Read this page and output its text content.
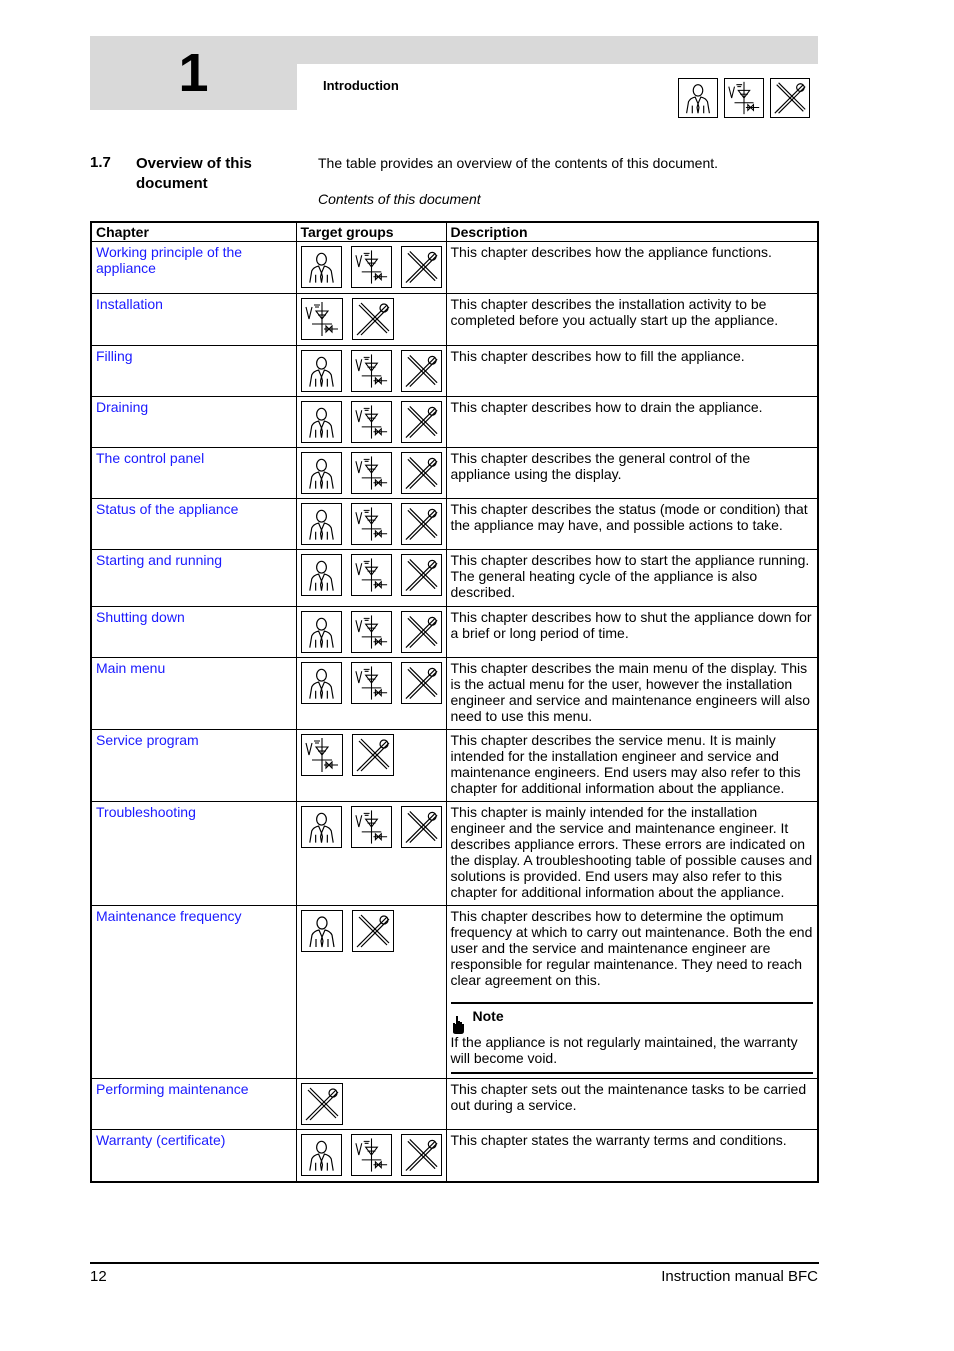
1	Introduction
1.7 Overview of this document
The table provides an overview of the contents of this document.
Contents of this document
Chapter	Target groups	Description
Working principle of the appliance		This chapter describes how the appliance functions.

Installation		This chapter describes the installation activity to be completed before you actually start up the appliance.

Filling		This chapter describes how to fill the appliance.

Draining		This chapter describes how to drain the appliance.

The control panel		This chapter describes the general control of the appliance using the display.

Status of the appliance		This chapter describes the status (mode or condition) that the appliance may have, and possible actions to take.

Starting and running		This chapter describes how to start the appliance running. The general heating cycle of the appliance is also described.

Shutting down		This chapter describes how to shut the appliance down for a brief or long period of time.

Main menu		This chapter describes the main menu of the display. This is the actual menu for the user, however the installation engineer and service and maintenance engineers will also need to use this menu.

Service program		This chapter describes the service menu. It is mainly intended for the installation engineer and service and maintenance engineers. End users may also refer to this chapter for additional information about the appliance.

Troubleshooting		This chapter is mainly intended for the installation engineer and the service and maintenance engineer. It describes appliance errors. These errors are indicated on the display. A troubleshooting table of possible causes and solutions is provided. End users may also refer to this chapter for additional information about the appliance.

Maintenance frequency		This chapter describes how to determine the optimum frequency at which to carry out maintenance. Both the end user and the service and maintenance engineer are responsible for regular maintenance. They need to reach clear agreement on this.
Note
If the appliance is not regularly maintained, the warranty will become void.

Performing maintenance		This chapter sets out the maintenance tasks to be carried out during a service.

Warranty (certificate)		This chapter states the warranty terms and conditions.
12	Instruction manual BFC
